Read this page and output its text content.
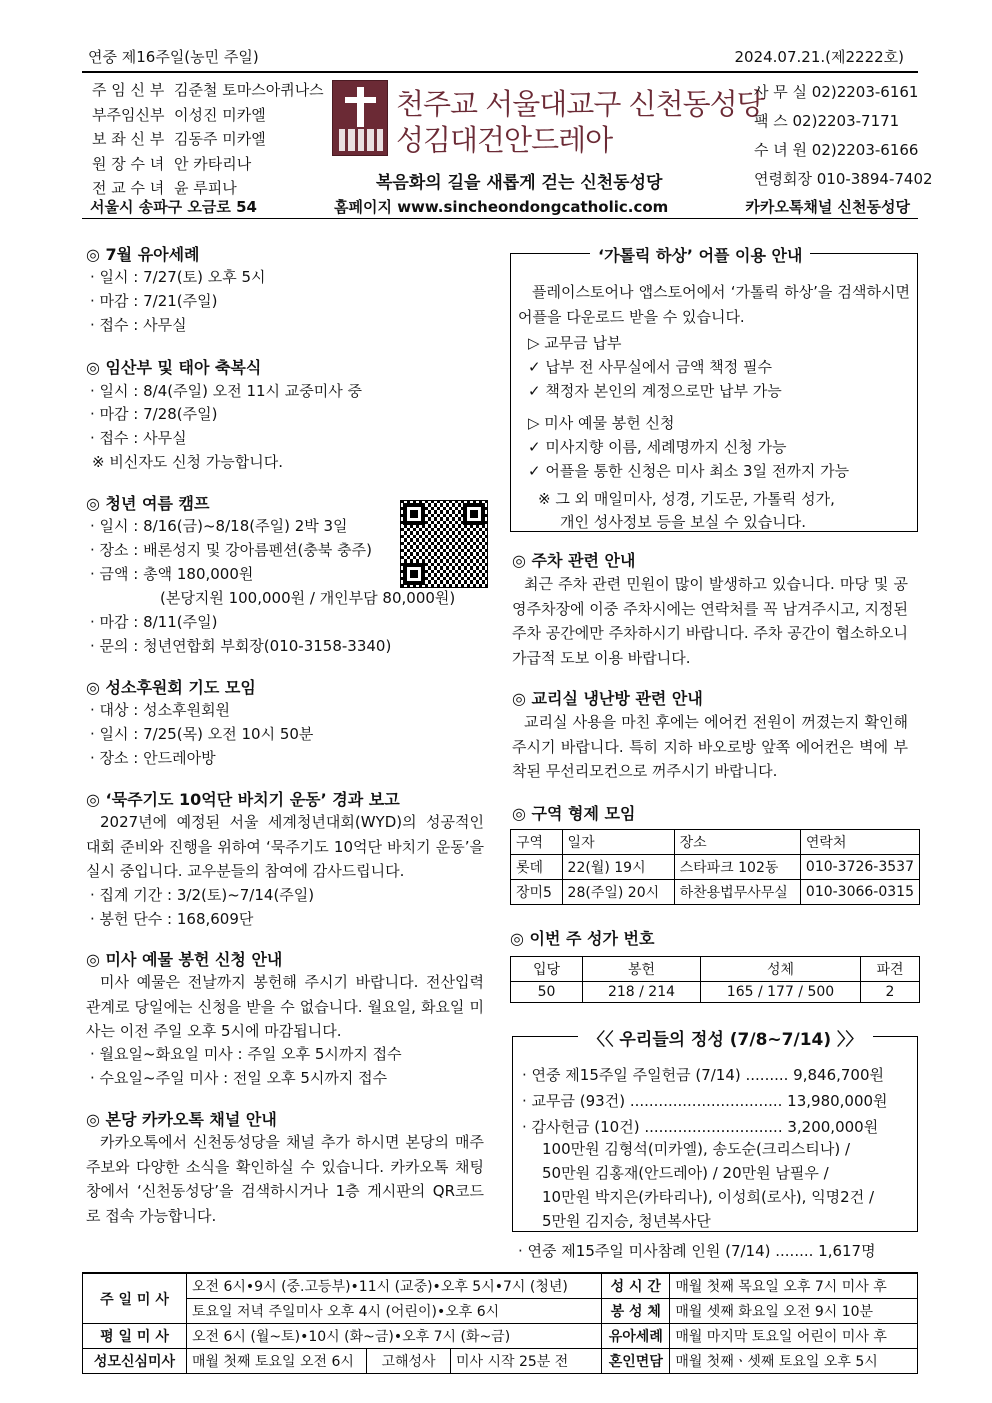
연중 제16주일(농민 주일)	2024.07.21.(제2222호)
주 임 신 부 김준철 토마스아퀴나스
부주임신부 이성진 미카엘
보 좌 신 부 김동주 미카엘
원 장 수 녀 안 카타리나
전 교 수 녀 윤 루피나
천주교 서울대교구 신천동성당
성김대건안드레아
복음화의 길을 새롭게 걷는 신천동성당
사 무 실 02)2203-6161
팩 스 02)2203-7171
수 녀 원 02)2203-6166
연령회장 010-3894-7402
서울시 송파구 오금로 54	홈페이지 www.sincheondongcatholic.com	카카오톡채널 신천동성당
◎ 7월 유아세례
· 일시 : 7/27(토) 오후 5시
· 마감 : 7/21(주일)
· 접수 : 사무실
◎ 임산부 및 태아 축복식
· 일시 : 8/4(주일) 오전 11시 교중미사 중
· 마감 : 7/28(주일)
· 접수 : 사무실
※ 비신자도 신청 가능합니다.
◎ 청년 여름 캠프
· 일시 : 8/16(금)~8/18(주일) 2박 3일
· 장소 : 배론성지 및 강아름펜션(충북 충주)
· 금액 : 총액 180,000원
(본당지원 100,000원 / 개인부담 80,000원)
· 마감 : 8/11(주일)
· 문의 : 청년연합회 부회장(010-3158-3340)
◎ 성소후원회 기도 모임
· 대상 : 성소후원회원
· 일시 : 7/25(목) 오전 10시 50분
· 장소 : 안드레아방
◎ ‘묵주기도 10억단 바치기 운동’ 경과 보고
2027년에 예정된 서울 세계청년대회(WYD)의 성공적인 대회 준비와 진행을 위하여 ‘묵주기도 10억단 바치기 운동’을 실시 중입니다. 교우분들의 참여에 감사드립니다.
· 집계 기간 : 3/2(토)~7/14(주일)
· 봉헌 단수 : 168,609단
◎ 미사 예물 봉헌 신청 안내
미사 예물은 전날까지 봉헌해 주시기 바랍니다. 전산입력 관계로 당일에는 신청을 받을 수 없습니다. 월요일, 화요일 미사는 이전 주일 오후 5시에 마감됩니다.
· 월요일~화요일 미사 : 주일 오후 5시까지 접수
· 수요일~주일 미사 : 전일 오후 5시까지 접수
◎ 본당 카카오톡 채널 안내
카카오톡에서 신천동성당을 채널 추가 하시면 본당의 매주 주보와 다양한 소식을 확인하실 수 있습니다. 카카오톡 채팅창에서 ‘신천동성당’을 검색하시거나 1층 게시판의 QR코드로 접속 가능합니다.
‘가톨릭 하상’ 어플 이용 안내
플레이스토어나 앱스토어에서 ‘가톨릭 하상’을 검색하시면 어플을 다운로드 받을 수 있습니다.
▷ 교무금 납부
✓ 납부 전 사무실에서 금액 책정 필수
✓ 책정자 본인의 계정으로만 납부 가능
▷ 미사 예물 봉헌 신청
✓ 미사지향 이름, 세례명까지 신청 가능
✓ 어플을 통한 신청은 미사 최소 3일 전까지 가능
※ 그 외 매일미사, 성경, 기도문, 가톨릭 성가,
개인 성사정보 등을 보실 수 있습니다.
◎ 주차 관련 안내
최근 주차 관련 민원이 많이 발생하고 있습니다. 마당 및 공영주차장에 이중 주차시에는 연락처를 꼭 남겨주시고, 지정된 주차 공간에만 주차하시기 바랍니다. 주차 공간이 협소하오니 가급적 도보 이용 바랍니다.
◎ 교리실 냉난방 관련 안내
교리실 사용을 마친 후에는 에어컨 전원이 꺼졌는지 확인해주시기 바랍니다. 특히 지하 바오로방 앞쪽 에어컨은 벽에 부착된 무선리모컨으로 꺼주시기 바랍니다.
◎ 구역 형제 모임
구역	일자	장소	연락처
롯데	22(월) 19시	스타파크 102동	010-3726-3537
장미5	28(주일) 20시	하찬용법무사무실	010-3066-0315
◎ 이번 주 성가 번호
입당	봉헌	성체	파견
50	218 / 214	165 / 177 / 500	2
〈〈 우리들의 정성 (7/8~7/14) 〉〉
· 연중 제15주일 주일헌금 (7/14) ......... 9,846,700원
· 교무금 (93건) ................................ 13,980,000원
· 감사헌금 (10건) ............................. 3,200,000원
100만원 김형석(미카엘), 송도순(크리스티나) /
50만원 김홍재(안드레아) / 20만원 남필우 /
10만원 박지은(카타리나), 이성희(로사), 익명2건 /
5만원 김지승, 청년복사단
· 연중 제15주일 미사참례 인원 (7/14) ........ 1,617명
주 일 미 사	오전 6시•9시 (중.고등부)•11시 (교중)•오후 5시•7시 (청년)			성 시 간	매월 첫째 목요일 오후 7시 미사 후
	토요일 저녁 주일미사 오후 4시 (어린이)•오후 6시			봉 성 체	매월 셋째 화요일 오전 9시 10분
평 일 미 사	오전 6시 (월~토)•10시 (화~금)•오후 7시 (화~금)			유아세례	매월 마지막 토요일 어린이 미사 후
성모신심미사	매월 첫째 토요일 오전 6시	고해성사	미사 시작 25분 전	혼인면담	매월 첫째ㆍ셋째 토요일 오후 5시
